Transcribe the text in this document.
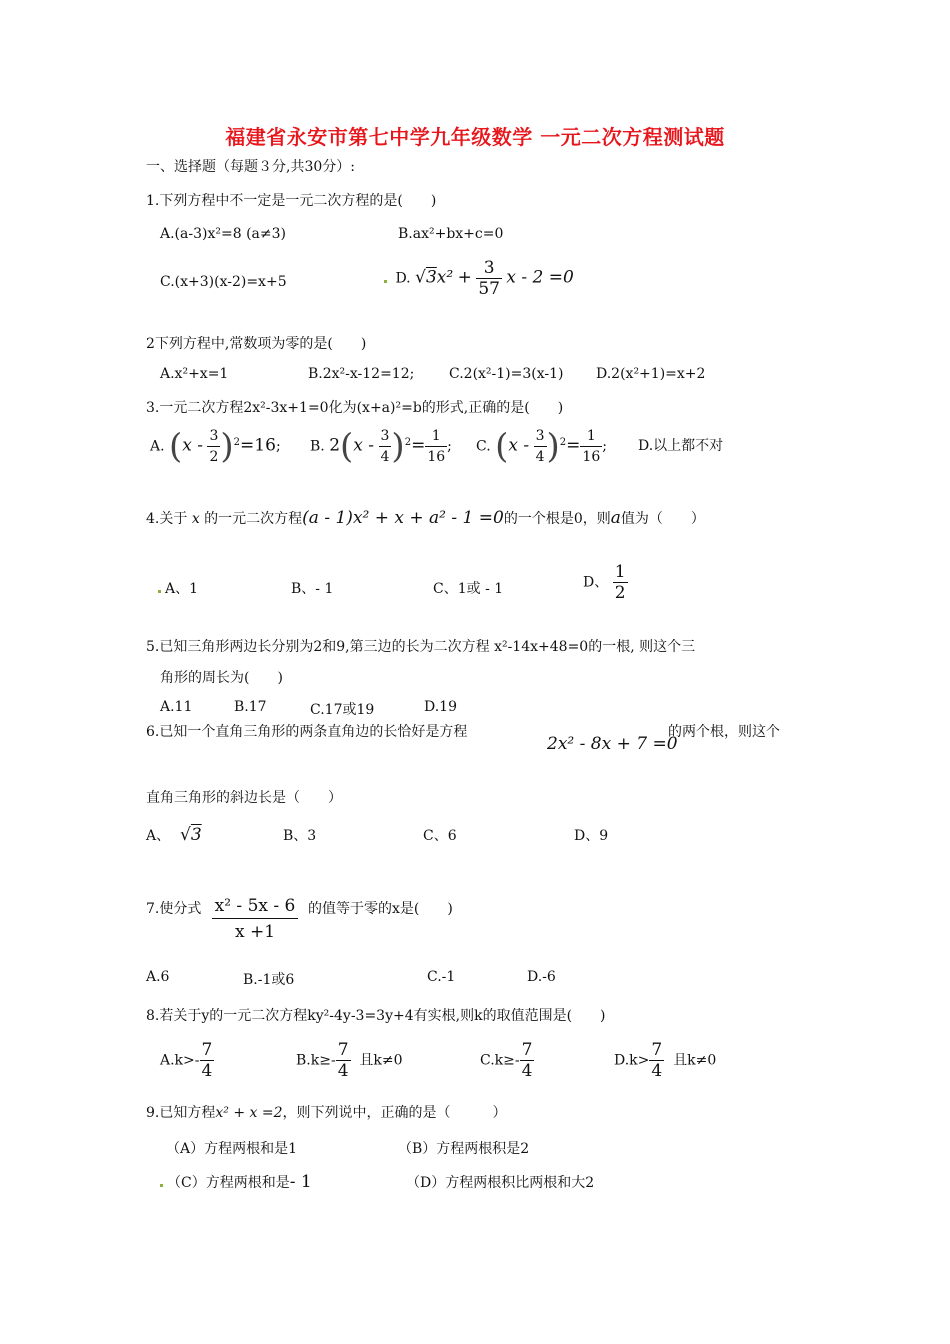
福建省永安市第七中学九年级数学 一元二次方程测试题
一、选择题（每题３分,共30分）:
1.下列方程中不一定是一元二次方程的是(　　)
A.(a-3)x²=8 (a≠3)	B.ax²+bx+c=0
C.(x+3)(x-2)=x+5	D. $√3x^2 + \frac{3}{57}$ x - 2 =0
2下列方程中,常数项为零的是(　　)
A.x²+x=1	B.2x²-x-12=12; C.2(x²-1)=3(x-1) D.2(x²+1)=x+2
3.一元二次方程2x²-3x+1=0化为(x+a)²=b的形式,正确的是(　　)
A. $(x - \frac{3}{2} )^2=16$; B. $2(x - \frac{3}{4} )^2= \frac{1}{16}$ ; C. $(x - \frac{3}{4} )^2= \frac{1}{16}$ ; D.以上都不对
4.关于 x 的一元二次方程(a - 1)x² + x + a² - 1 =0的一个根是0，则a值为（　　）
A、1	B、- 1	C、1或 - 1	D、 $\frac{1}{2}$
5.已知三角形两边长分别为2和9,第三边的长为二次方程 x²-14x+48=0的一根, 则这个三
角形的周长为(　　)
A.11	B.17	C.17或19	D.19
6.已知一个直角三角形的两条直角边的长恰好是方程
2x² - 8x + 7 =0
的两个根，则这个
直角三角形的斜边长是（　　）
A、  √3	B、3	C、6	D、9
7.使分式 $\frac{\text{x² - 5x - 6}}{x +1}$ 的值等于零的x是(　　)
A.6	B.-1或6	C.-1	D.-6
8.若关于y的一元二次方程ky²-4y-3=3y+4有实根,则k的取值范围是(　　)
$A.k>- \frac{7}{4}$	$B.k\ge- \frac{7}{4}$ 且k≠0	$C.k\ge- \frac{7}{4}$	$D.k> \frac{7}{4}$ 且k≠0
9.已知方程x² + x =2，则下列说中，正确的是（　　　）
（A）方程两根和是1	（B）方程两根积是2
（C）方程两根和是- 1	（D）方程两根积比两根和大2
